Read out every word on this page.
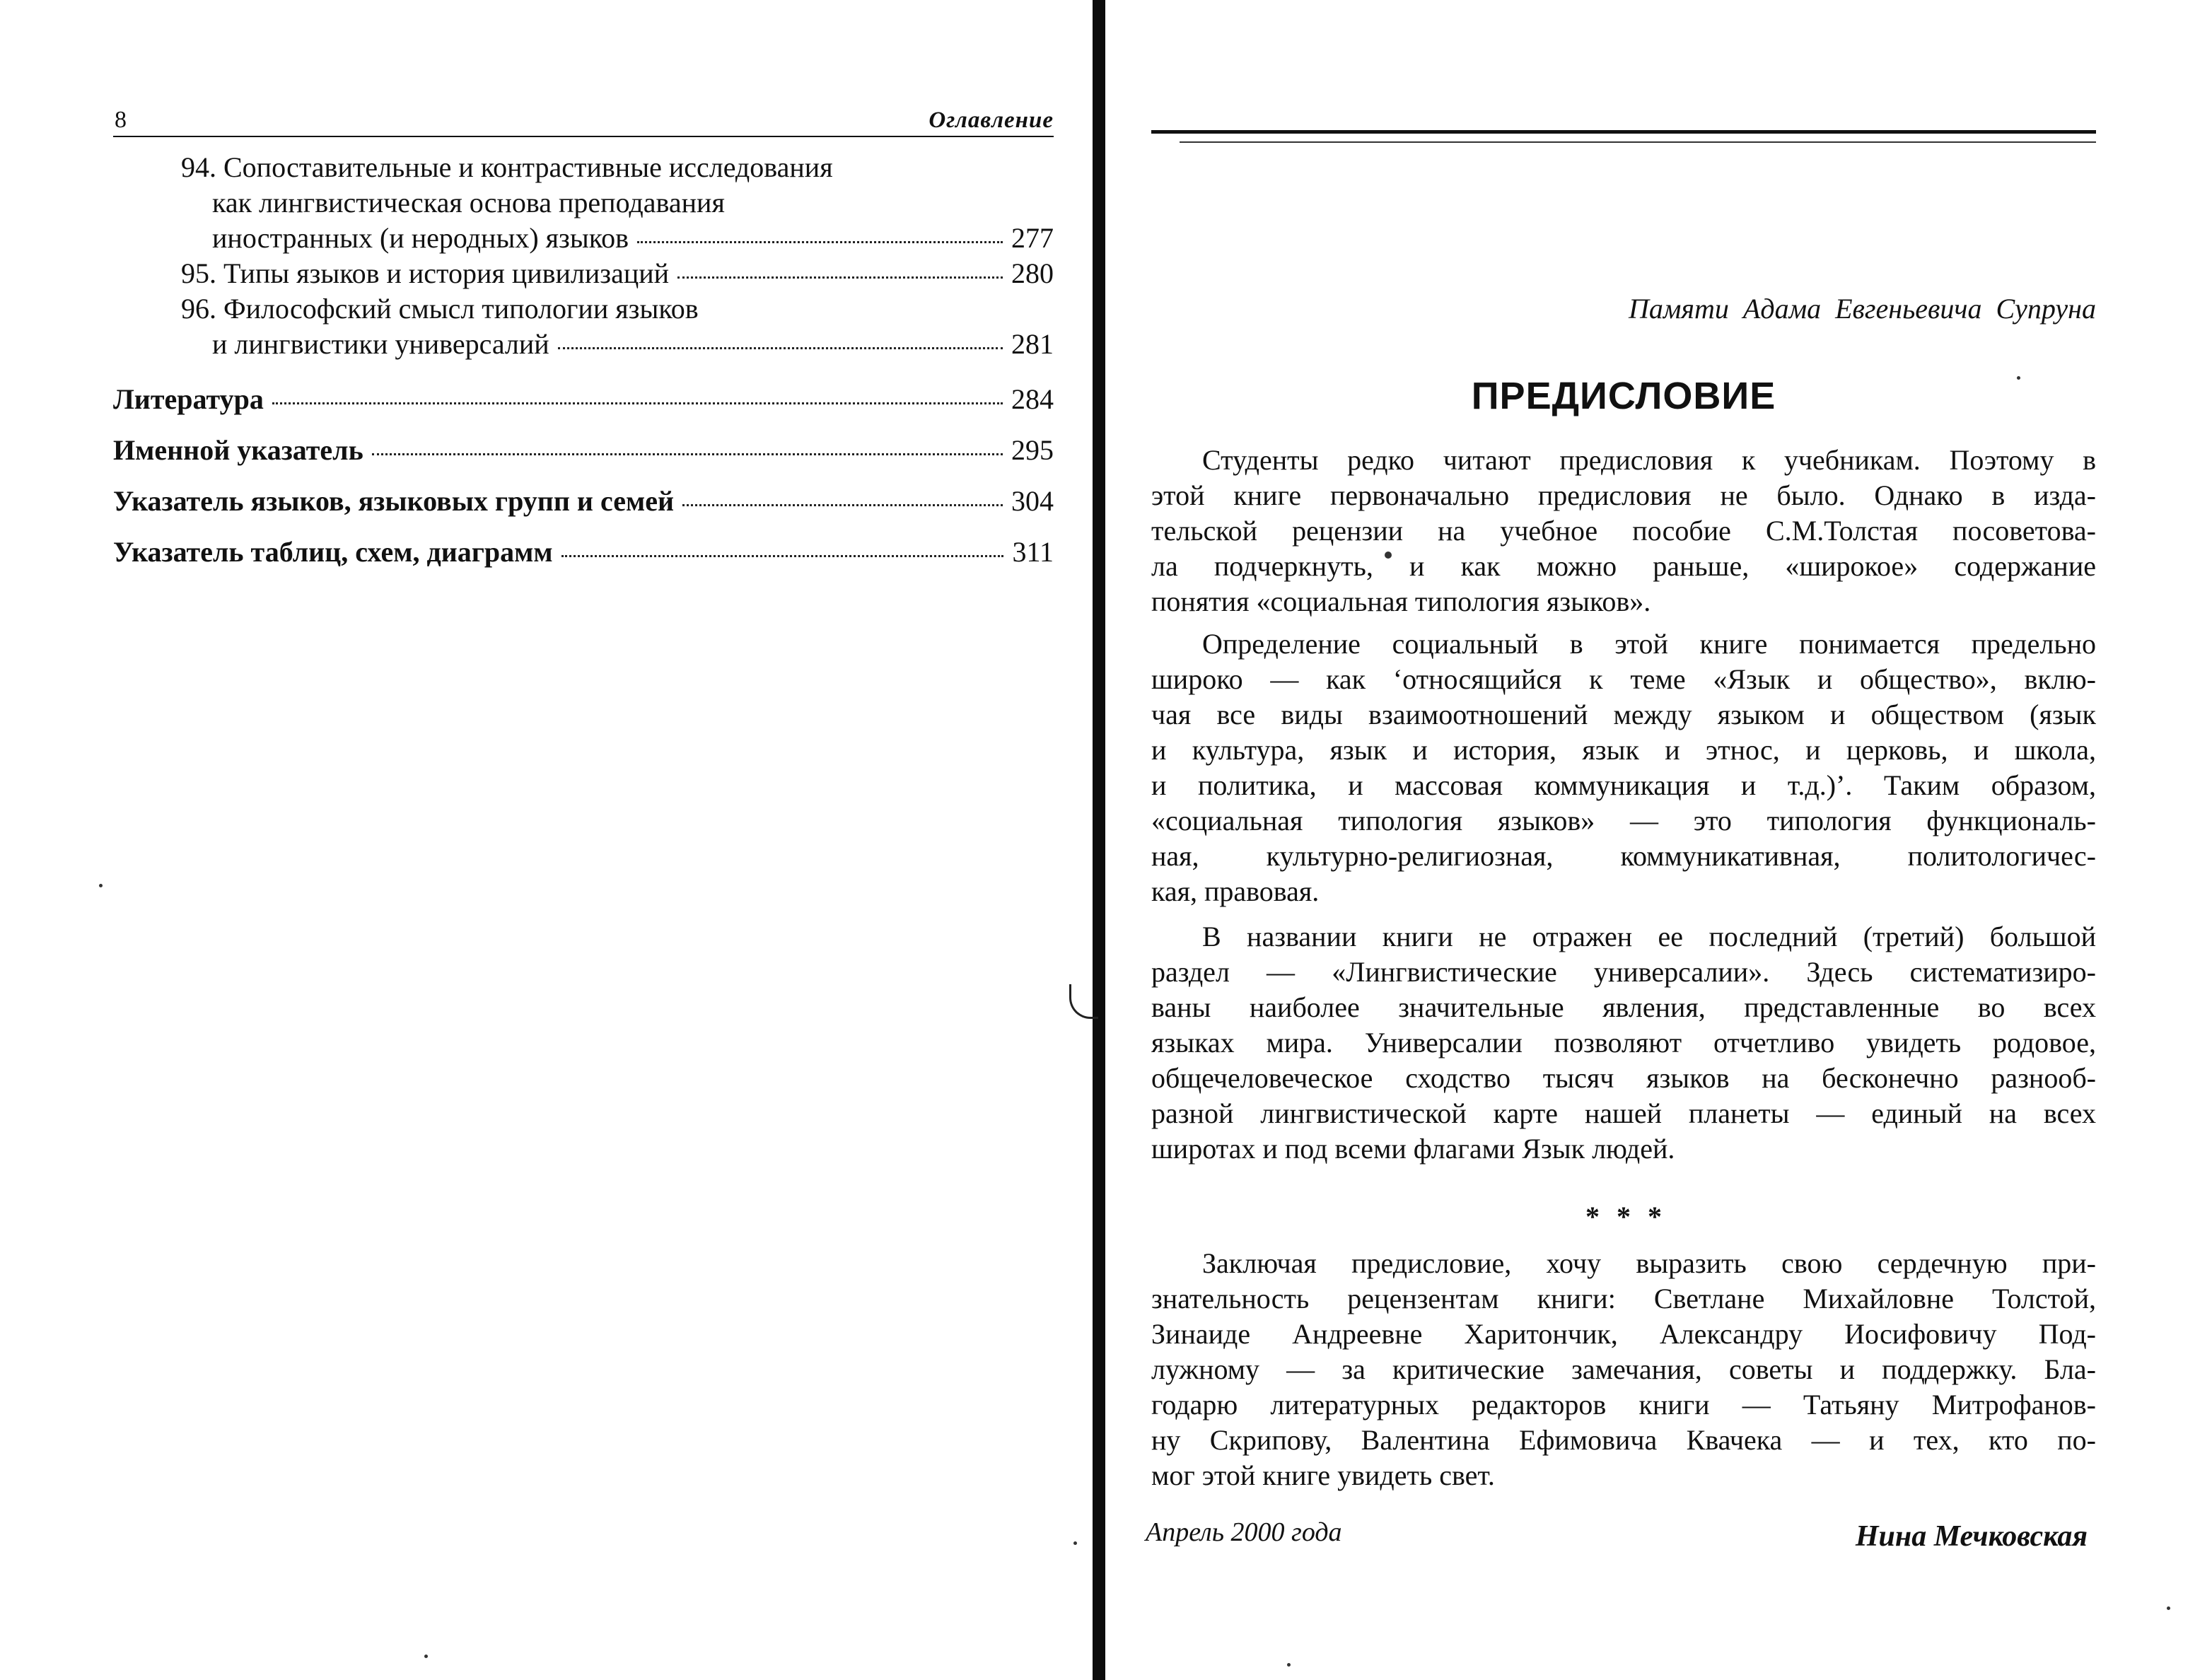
8	Оглавление
94. Сопоставительные и контрастивные исследования
как лингвистическая основа преподавания
иностранных (и неродных) языков	277
95. Типы языков и история цивилизаций	280
96. Философский смысл типологии языков
и лингвистики универсалий	281
Литература	284
Именной указатель	295
Указатель языков, языковых групп и семей	304
Указатель таблиц, схем, диаграмм	311
Памяти Адама Евгеньевича Супруна
ПРЕДИСЛОВИЕ
Студенты редко читают предисловия к учебникам. Поэтому в
этой книге первоначально предисловия не было. Однако в изда-
тельской рецензии на учебное пособие С.М.Толстая посоветова-
ла подчеркнуть, и как можно раньше, «широкое» содержание
понятия «социальная типология языков».
Определение социальный в этой книге понимается предельно
широко — как ‘относящийся к теме «Язык и общество», вклю-
чая все виды взаимоотношений между языком и обществом (язык
и культура, язык и история, язык и этнос, и церковь, и школа,
и политика, и массовая коммуникация и т.д.)’. Таким образом,
«социальная типология языков» — это типология функциональ-
ная, культурно-религиозная, коммуникативная, политологичес-
кая, правовая.
В названии книги не отражен ее последний (третий) большой
раздел — «Лингвистические универсалии». Здесь систематизиро-
ваны наиболее значительные явления, представленные во всех
языках мира. Универсалии позволяют отчетливо увидеть родовое,
общечеловеческое сходство тысяч языков на бесконечно разнооб-
разной лингвистической карте нашей планеты — единый на всех
широтах и под всеми флагами Язык людей.
* * *
Заключая предисловие, хочу выразить свою сердечную при-
знательность рецензентам книги: Светлане Михайловне Толстой,
Зинаиде Андреевне Харитончик, Александру Иосифовичу Под-
лужному — за критические замечания, советы и поддержку. Бла-
годарю литературных редакторов книги — Татьяну Митрофанов-
ну Скрипову, Валентина Ефимовича Квачека — и тех, кто по-
мог этой книге увидеть свет.
Апрель 2000 года	Нина Мечковская
